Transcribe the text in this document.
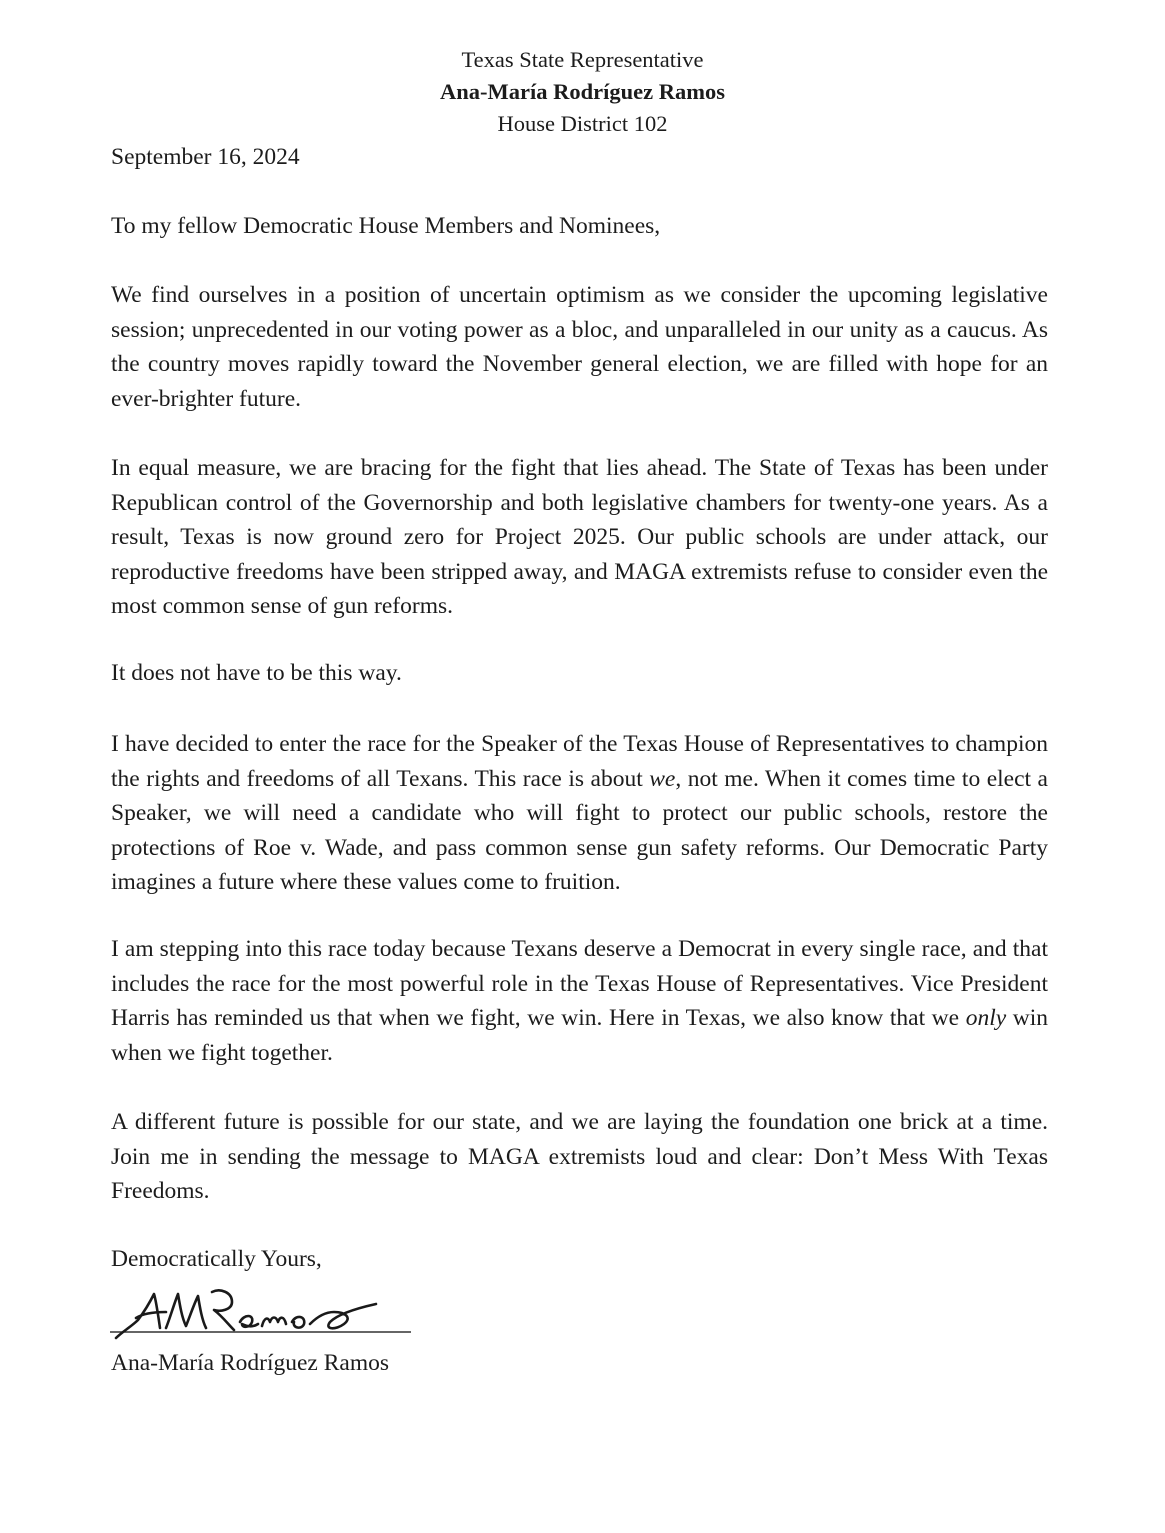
Texas State Representative
Ana-María Rodríguez Ramos
House District 102
September 16, 2024
To my fellow Democratic House Members and Nominees,

We find ourselves in a position of uncertain optimism as we consider the upcoming legislative session; unprecedented in our voting power as a bloc, and unparalleled in our unity as a caucus. As the country moves rapidly toward the November general election, we are filled with hope for an ever-brighter future.

In equal measure, we are bracing for the fight that lies ahead. The State of Texas has been under Republican control of the Governorship and both legislative chambers for twenty-one years. As a result, Texas is now ground zero for Project 2025. Our public schools are under attack, our reproductive freedoms have been stripped away, and MAGA extremists refuse to consider even the most common sense of gun reforms.

It does not have to be this way.

I have decided to enter the race for the Speaker of the Texas House of Representatives to champion the rights and freedoms of all Texans. This race is about we, not me. When it comes time to elect a Speaker, we will need a candidate who will fight to protect our public schools, restore the protections of Roe v. Wade, and pass common sense gun safety reforms. Our Democratic Party imagines a future where these values come to fruition.

I am stepping into this race today because Texans deserve a Democrat in every single race, and that includes the race for the most powerful role in the Texas House of Representatives. Vice President Harris has reminded us that when we fight, we win. Here in Texas, we also know that we only win when we fight together.

A different future is possible for our state, and we are laying the foundation one brick at a time. Join me in sending the message to MAGA extremists loud and clear: Don’t Mess With Texas Freedoms.

Democratically Yours,
Ana-María Rodríguez Ramos
